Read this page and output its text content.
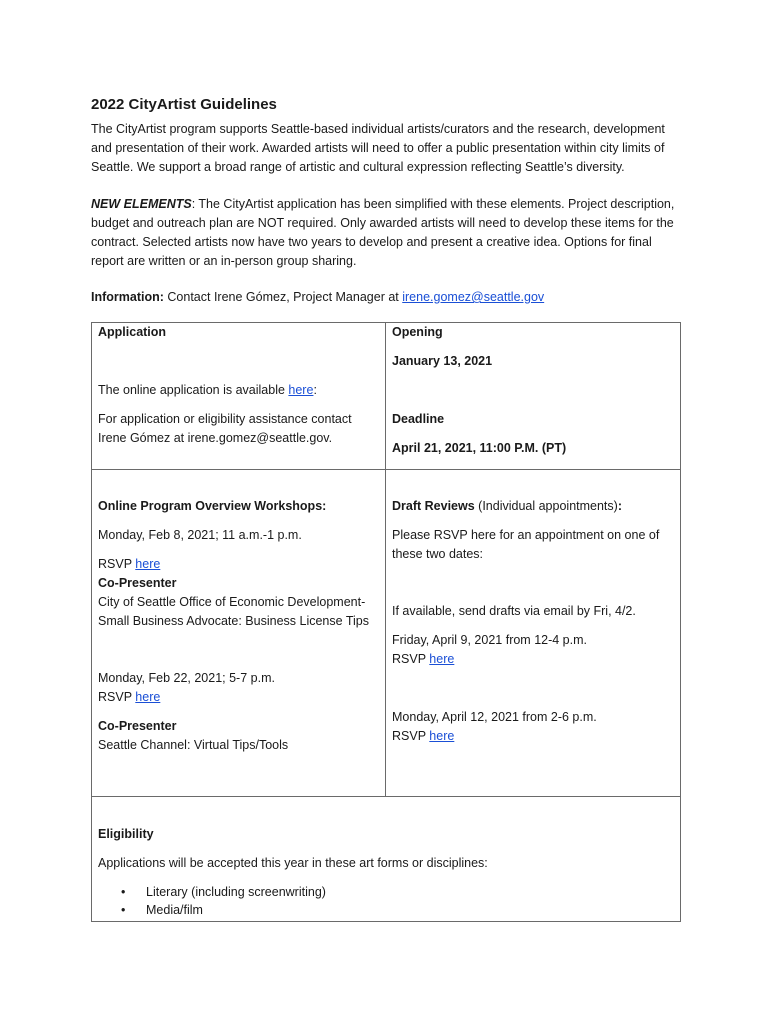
2022 CityArtist Guidelines

The CityArtist program supports Seattle-based individual artists/curators and the research, development and presentation of their work. Awarded artists will need to offer a public presentation within city limits of Seattle. We support a broad range of artistic and cultural expression reflecting Seattle’s diversity.

NEW ELEMENTS: The CityArtist application has been simplified with these elements. Project description, budget and outreach plan are NOT required. Only awarded artists will need to develop these items for the contract. Selected artists now have two years to develop and present a creative idea. Options for final report are written or an in-person group sharing.

Information: Contact Irene Gómez, Project Manager at irene.gomez@seattle.gov

Application
The online application is available here:
For application or eligibility assistance contact
Irene Gómez at irene.gomez@seattle.gov.
Opening
January 13, 2021
Deadline
April 21, 2021, 11:00 P.M. (PT)
Online Program Overview Workshops:
Monday, Feb 8, 2021; 11 a.m.-1 p.m.
RSVP here
Co-Presenter
City of Seattle Office of Economic Development-
Small Business Advocate: Business License Tips
Monday, Feb 22, 2021; 5-7 p.m.
RSVP here
Co-Presenter
Seattle Channel: Virtual Tips/Tools
Draft Reviews (Individual appointments):
Please RSVP here for an appointment on one of
these two dates:
If available, send drafts via email by Fri, 4/2.
Friday, April 9, 2021 from 12-4 p.m.
RSVP here
Monday, April 12, 2021 from 2-6 p.m.
RSVP here
Eligibility
Applications will be accepted this year in these art forms or disciplines:
• Literary (including screenwriting)
• Media/film
